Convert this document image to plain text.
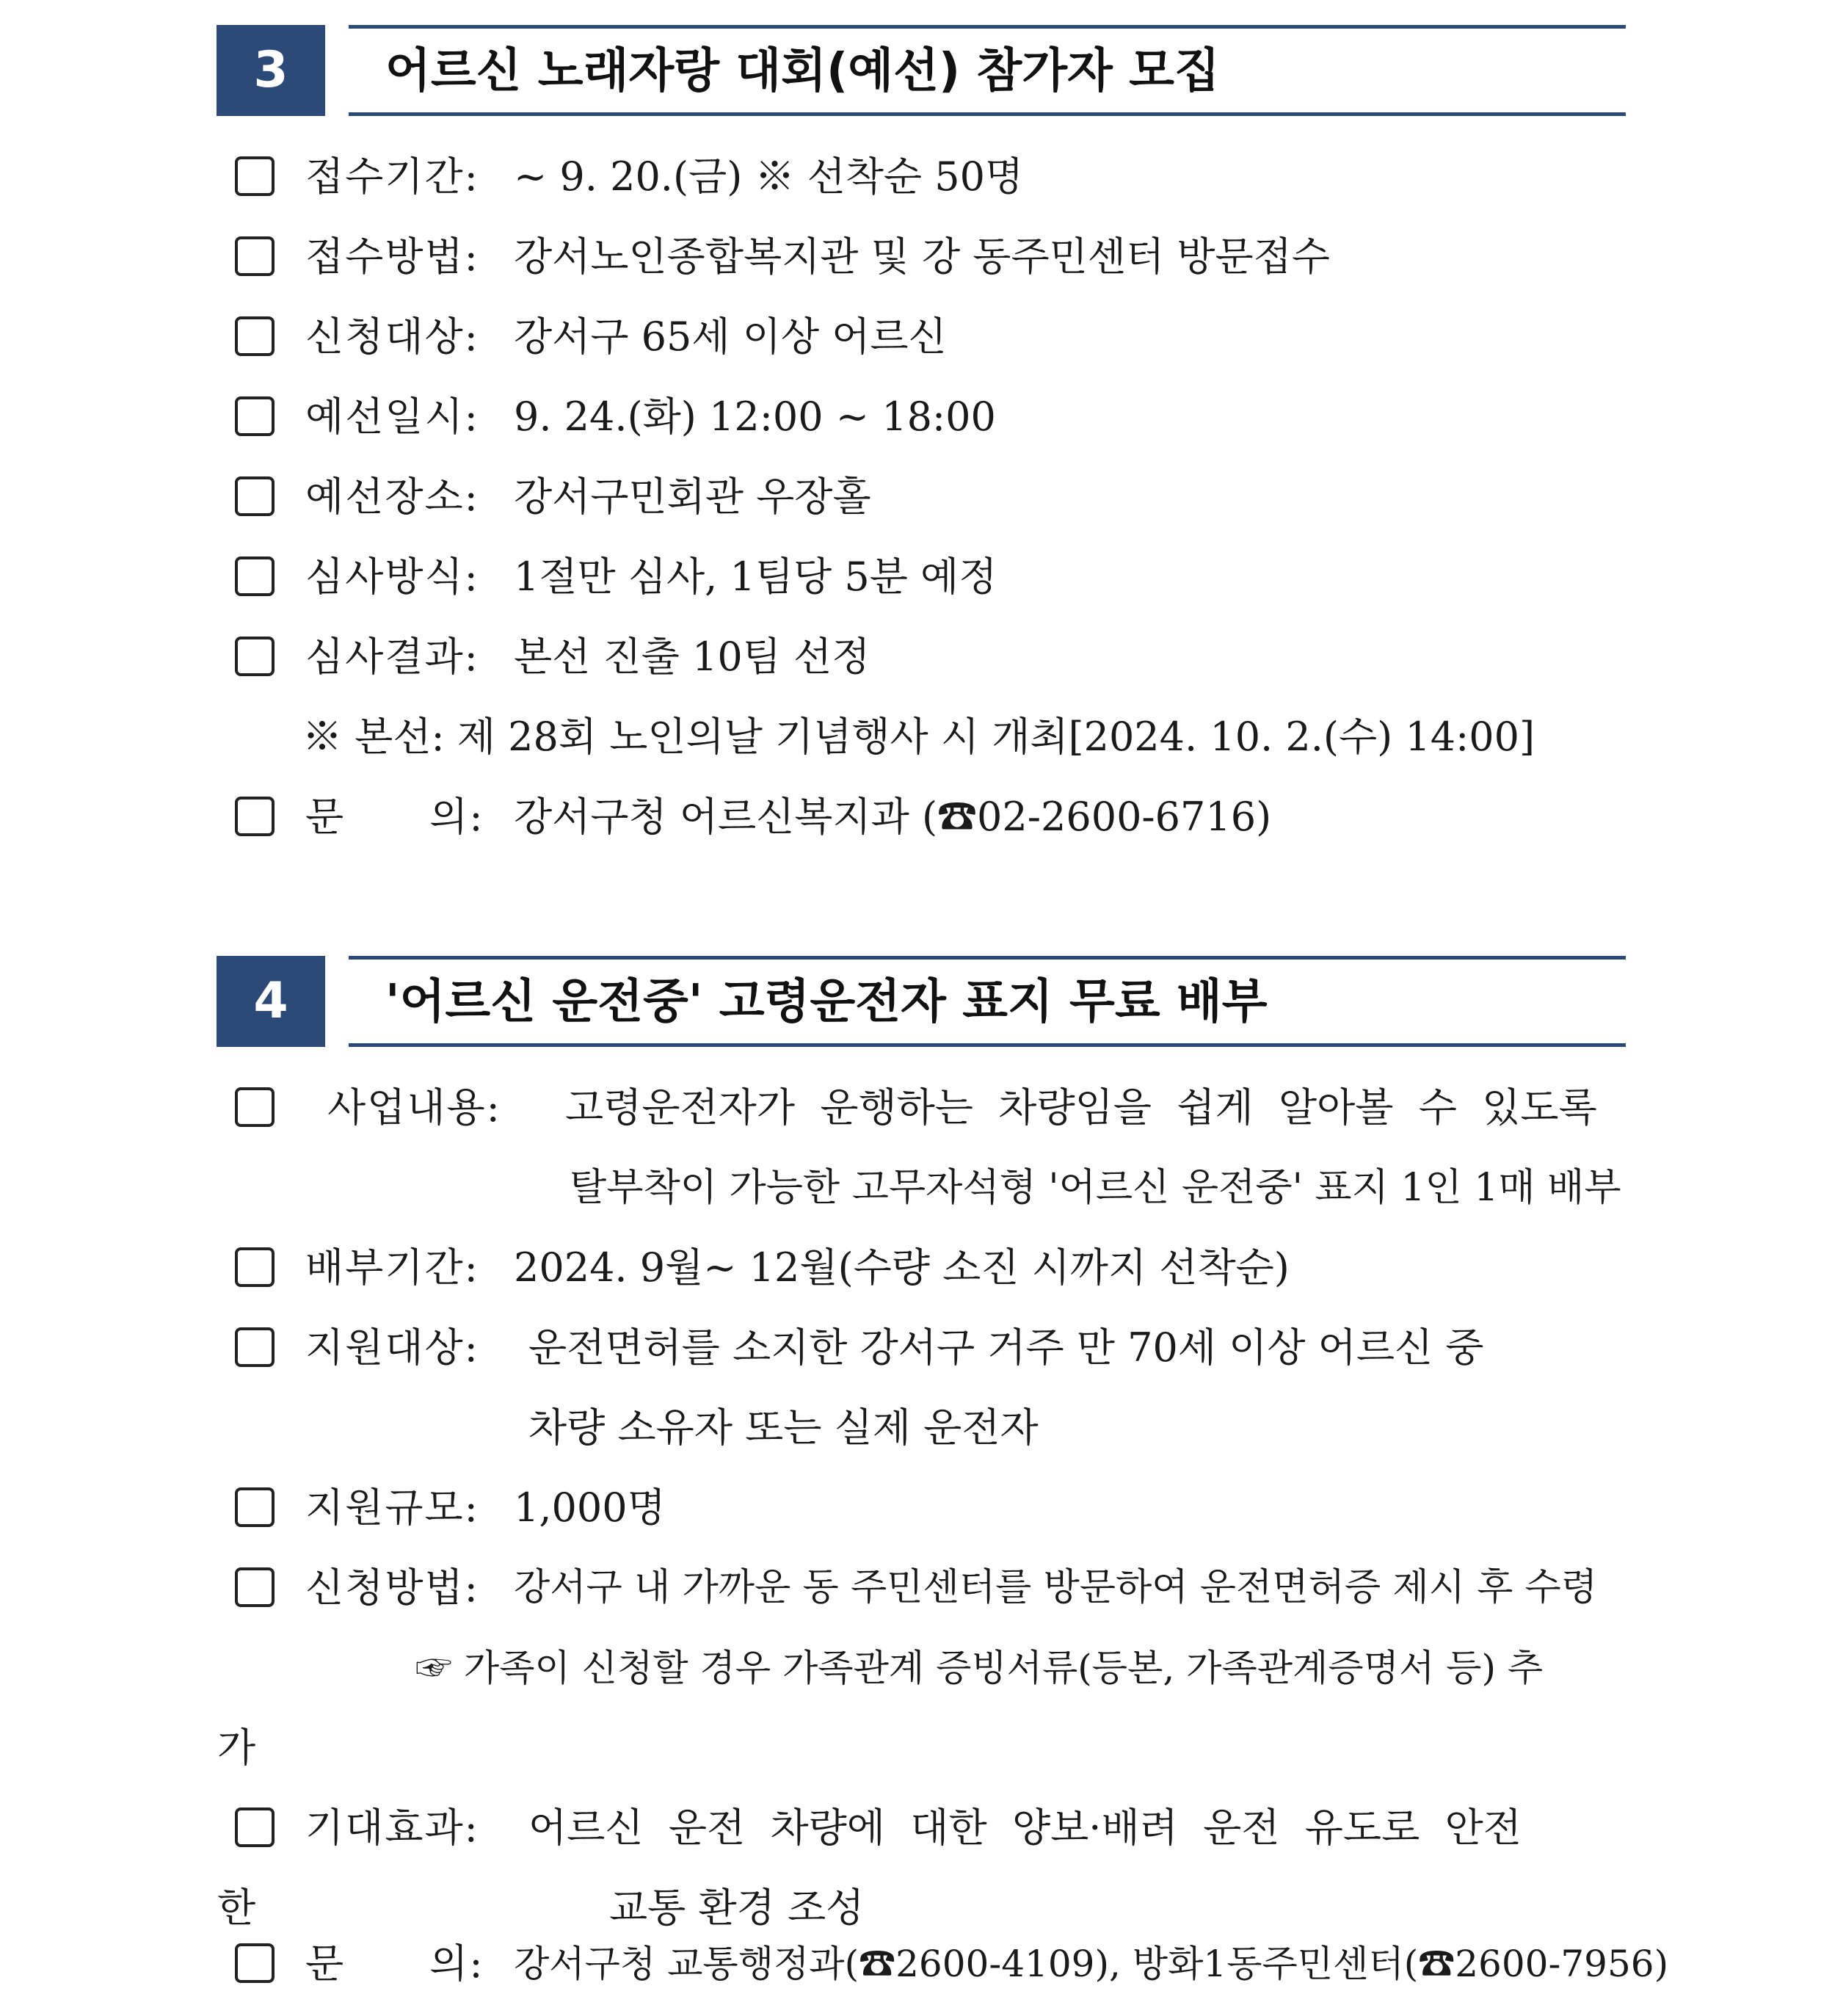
3	어르신 노래자랑 대회(예선) 참가자 모집
접수기간: ~ 9. 20.(금) ※ 선착순 50명
접수방법: 강서노인종합복지관 및 강 동주민센터 방문접수
신청대상: 강서구 65세 이상 어르신
예선일시: 9. 24.(화) 12:00 ~ 18:00
예선장소: 강서구민회관 우장홀
심사방식: 1절만 심사, 1팀당 5분 예정
심사결과: 본선 진출 10팀 선정
※ 본선: 제 28회 노인의날 기념행사 시 개최[2024. 10. 2.(수) 14:00]
문      의: 강서구청 어르신복지과 (☎02-2600-6716)
4	'어르신 운전중' 고령운전자 표지 무료 배부
사업내용: 고령운전자가  운행하는  차량임을  쉽게  알아볼  수  있도록
탈부착이 가능한 고무자석형 '어르신 운전중' 표지 1인 1매 배부
배부기간: 2024. 9월~ 12월(수량 소진 시까지 선착순)
지원대상: 운전면허를 소지한 강서구 거주 만 70세 이상 어르신 중
차량 소유자 또는 실제 운전자
지원규모: 1,000명
신청방법: 강서구 내 가까운 동 주민센터를 방문하여 운전면허증 제시 후 수령
☞ 가족이 신청할 경우 가족관계 증빙서류(등본, 가족관계증명서 등) 추
가
기대효과: 어르신  운전  차량에  대한  양보·배려  운전  유도로  안전
한	교통 환경 조성
문      의: 강서구청 교통행정과(☎2600-4109), 방화1동주민센터(☎2600-7956)
